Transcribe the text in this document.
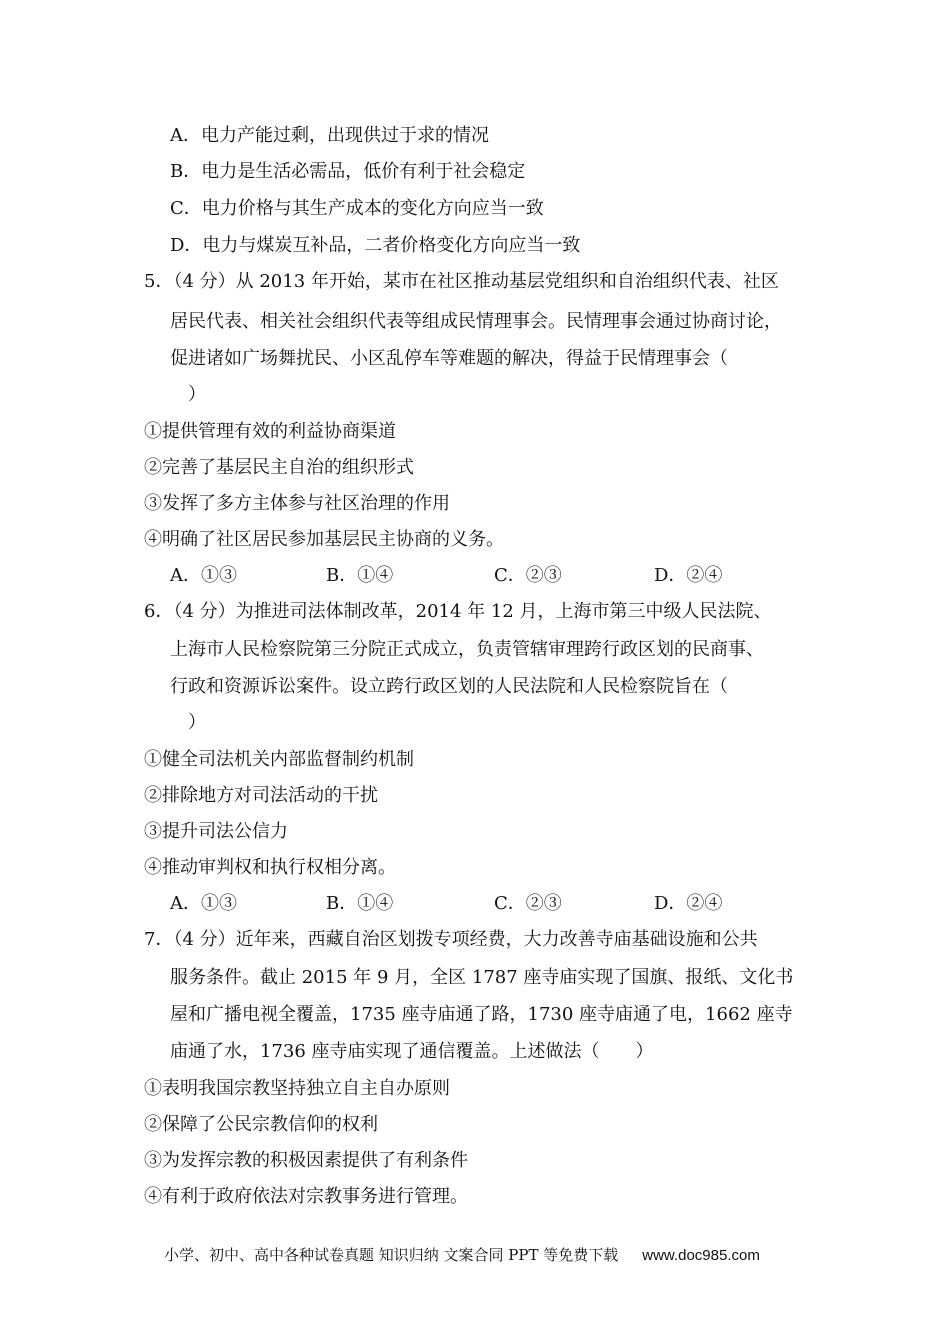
A．电力产能过剩，出现供过于求的情况
B．电力是生活必需品，低价有利于社会稳定
C．电力价格与其生产成本的变化方向应当一致
D．电力与煤炭互补品，二者价格变化方向应当一致
5．（4 分）从 2013 年开始，某市在社区推动基层党组织和自治组织代表、社区
居民代表、相关社会组织代表等组成民情理事会。民情理事会通过协商讨论，
促进诸如广场舞扰民、小区乱停车等难题的解决，得益于民情理事会（
）
①提供管理有效的利益协商渠道
②完善了基层民主自治的组织形式
③发挥了多方主体参与社区治理的作用
④明确了社区居民参加基层民主协商的义务。
A．①③	B．①④	C．②③	D．②④
6．（4 分）为推进司法体制改革，2014 年 12 月，上海市第三中级人民法院、
上海市人民检察院第三分院正式成立，负责管辖审理跨行政区划的民商事、
行政和资源诉讼案件。设立跨行政区划的人民法院和人民检察院旨在（
）
①健全司法机关内部监督制约机制
②排除地方对司法活动的干扰
③提升司法公信力
④推动审判权和执行权相分离。
A．①③	B．①④	C．②③	D．②④
7．（4 分）近年来，西藏自治区划拨专项经费，大力改善寺庙基础设施和公共
服务条件。截止 2015 年 9 月，全区 1787 座寺庙实现了国旗、报纸、文化书
屋和广播电视全覆盖，1735 座寺庙通了路，1730 座寺庙通了电，1662 座寺
庙通了水，1736 座寺庙实现了通信覆盖。上述做法（　　）
①表明我国宗教坚持独立自主自办原则
②保障了公民宗教信仰的权利
③为发挥宗教的积极因素提供了有利条件
④有利于政府依法对宗教事务进行管理。
小学、初中、高中各种试卷真题 知识归纳 文案合同 PPT 等免费下载 www.doc985.com
